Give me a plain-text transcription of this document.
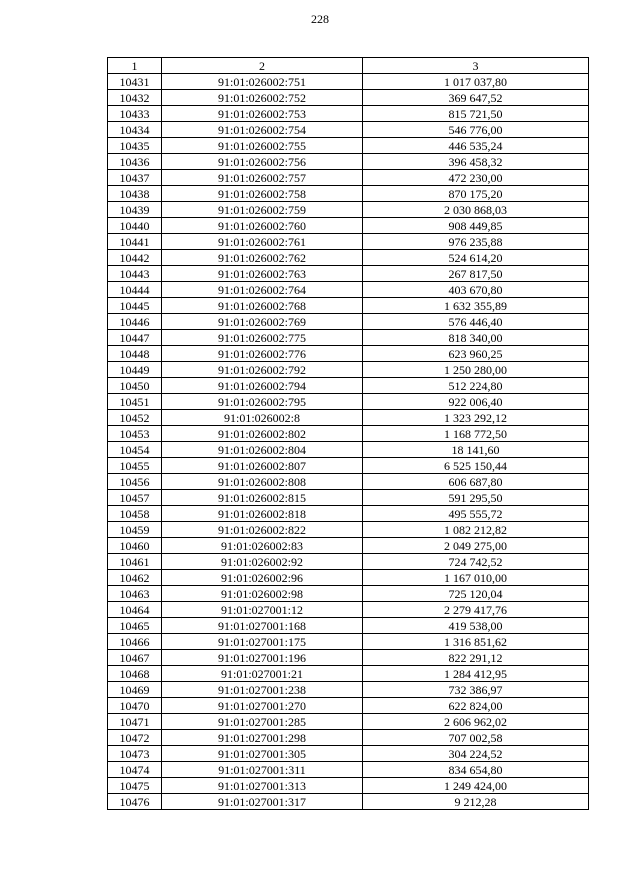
228
1	2	3
10431	91:01:026002:751	1 017 037,80
10432	91:01:026002:752	369 647,52
10433	91:01:026002:753	815 721,50
10434	91:01:026002:754	546 776,00
10435	91:01:026002:755	446 535,24
10436	91:01:026002:756	396 458,32
10437	91:01:026002:757	472 230,00
10438	91:01:026002:758	870 175,20
10439	91:01:026002:759	2 030 868,03
10440	91:01:026002:760	908 449,85
10441	91:01:026002:761	976 235,88
10442	91:01:026002:762	524 614,20
10443	91:01:026002:763	267 817,50
10444	91:01:026002:764	403 670,80
10445	91:01:026002:768	1 632 355,89
10446	91:01:026002:769	576 446,40
10447	91:01:026002:775	818 340,00
10448	91:01:026002:776	623 960,25
10449	91:01:026002:792	1 250 280,00
10450	91:01:026002:794	512 224,80
10451	91:01:026002:795	922 006,40
10452	91:01:026002:8	1 323 292,12
10453	91:01:026002:802	1 168 772,50
10454	91:01:026002:804	18 141,60
10455	91:01:026002:807	6 525 150,44
10456	91:01:026002:808	606 687,80
10457	91:01:026002:815	591 295,50
10458	91:01:026002:818	495 555,72
10459	91:01:026002:822	1 082 212,82
10460	91:01:026002:83	2 049 275,00
10461	91:01:026002:92	724 742,52
10462	91:01:026002:96	1 167 010,00
10463	91:01:026002:98	725 120,04
10464	91:01:027001:12	2 279 417,76
10465	91:01:027001:168	419 538,00
10466	91:01:027001:175	1 316 851,62
10467	91:01:027001:196	822 291,12
10468	91:01:027001:21	1 284 412,95
10469	91:01:027001:238	732 386,97
10470	91:01:027001:270	622 824,00
10471	91:01:027001:285	2 606 962,02
10472	91:01:027001:298	707 002,58
10473	91:01:027001:305	304 224,52
10474	91:01:027001:311	834 654,80
10475	91:01:027001:313	1 249 424,00
10476	91:01:027001:317	9 212,28
